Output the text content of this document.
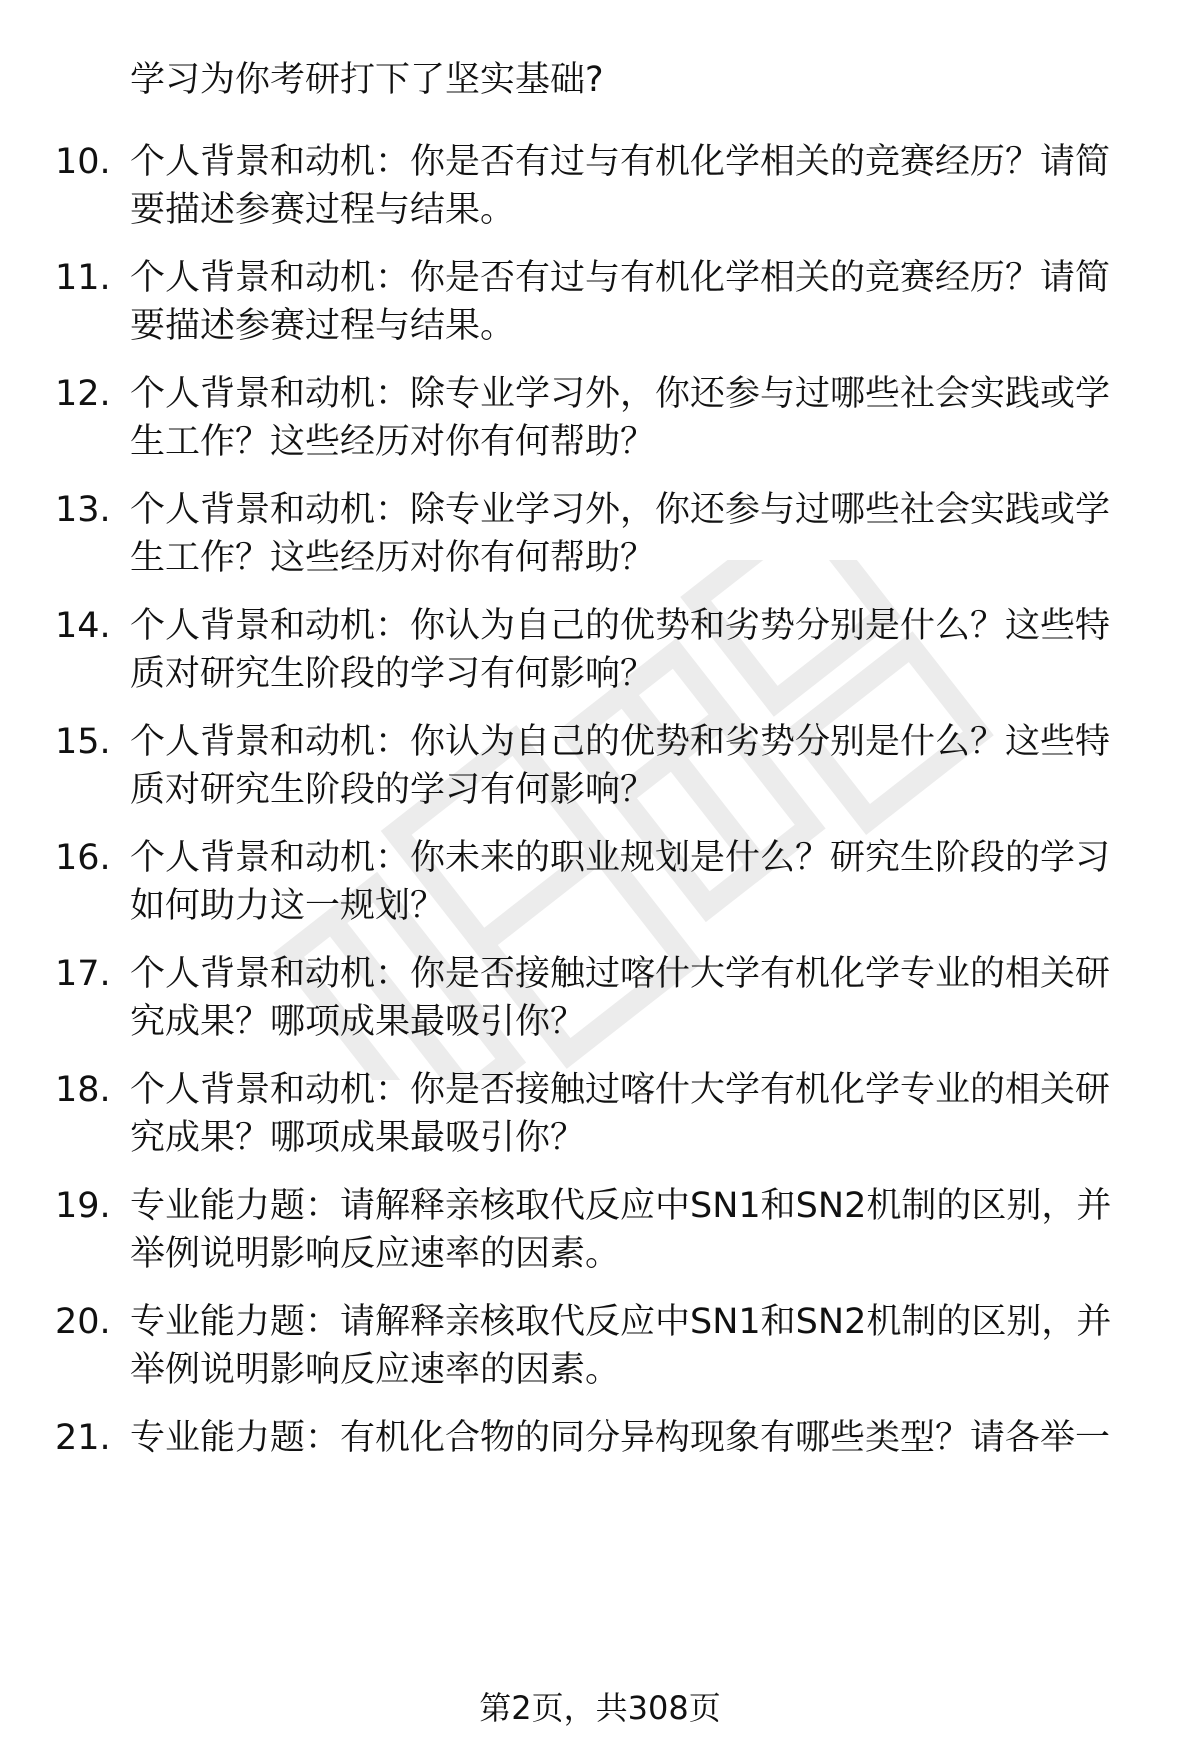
学习为你考研打下了坚实基础?
10. 个人背景和动机：你是否有过与有机化学相关的竞赛经历？请简
要描述参赛过程与结果。
11. 个人背景和动机：你是否有过与有机化学相关的竞赛经历？请简
要描述参赛过程与结果。
12. 个人背景和动机：除专业学习外，你还参与过哪些社会实践或学
生工作？这些经历对你有何帮助？
13. 个人背景和动机：除专业学习外，你还参与过哪些社会实践或学
生工作？这些经历对你有何帮助？
14. 个人背景和动机：你认为自己的优势和劣势分别是什么？这些特
质对研究生阶段的学习有何影响？
15. 个人背景和动机：你认为自己的优势和劣势分别是什么？这些特
质对研究生阶段的学习有何影响？
16. 个人背景和动机：你未来的职业规划是什么？研究生阶段的学习
如何助力这一规划？
17. 个人背景和动机：你是否接触过喀什大学有机化学专业的相关研
究成果？哪项成果最吸引你？
18. 个人背景和动机：你是否接触过喀什大学有机化学专业的相关研
究成果？哪项成果最吸引你？
19. 专业能力题：请解释亲核取代反应中SN1和SN2机制的区别，并
举例说明影响反应速率的因素。
20. 专业能力题：请解释亲核取代反应中SN1和SN2机制的区别，并
举例说明影响反应速率的因素。
21. 专业能力题：有机化合物的同分异构现象有哪些类型？请各举一
第2页，共308页
